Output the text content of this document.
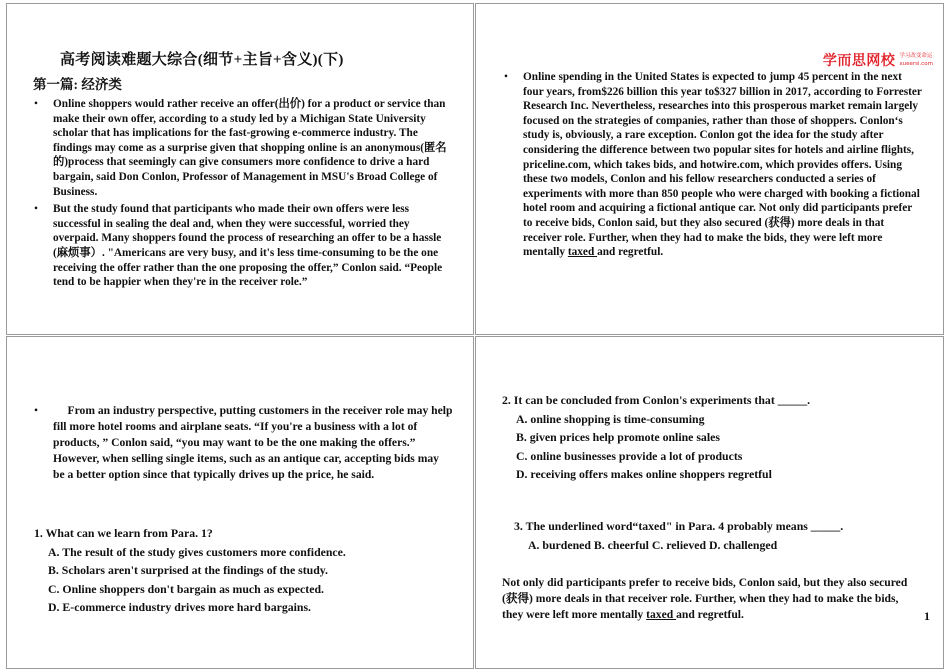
高考阅读难题大综合(细节+主旨+含义)(下)
第一篇: 经济类
• Online shoppers would rather receive an offer(出价) for a product or service than make their own offer, according to a study led by a Michigan State University scholar that has implications for the fast-growing e-commerce industry. The findings may come as a surprise given that shopping online is an anonymous(匿名的)process that seemingly can give consumers more confidence to drive a hard bargain, said Don Conlon, Professor of Management in MSU's Broad College of Business.
• But the study found that participants who made their own offers were less successful in sealing the deal and, when they were successful, worried they overpaid. Many shoppers found the process of researching an offer to be a hassle (麻烦事）. "Americans are very busy, and it's less time-consuming to be the one receiving the offer rather than the one proposing the offer,” Conlon said. “People tend to be happier when they're in the receiver role.”
学而思网校 学习改变命运
xueersi.com
• Online spending in the United States is expected to jump 45 percent in the next four years, from$226 billion this year to$327 billion in 2017, according to Forrester Research Inc. Nevertheless, researches into this prosperous market remain largely focused on the strategies of companies, rather than those of shoppers. Conlon‘s study is, obviously, a rare exception. Conlon got the idea for the study after considering the difference between two popular sites for hotels and airline flights, priceline.com, which takes bids, and hotwire.com, which provides offers. Using these two models, Conlon and his fellow researchers conducted a series of experiments with more than 850 people who were charged with booking a fictional hotel room and acquiring a fictional antique car. Not only did participants prefer to receive bids, Conlon said, but they also secured (获得) more deals in that receiver role. Further, when they had to make the bids, they were left more mentally taxed and regretful.
•      From an industry perspective, putting customers in the receiver role may help fill more hotel rooms and airplane seats. “If you're a business with a lot of products, ” Conlon said, “you may want to be the one making the offers.” However, when selling single items, such as an antique car, accepting bids may be a better option since that typically drives up the price, he said.

1. What can we learn from Para. 1?

A. The result of the study gives customers more confidence.

B. Scholars aren't surprised at the findings of the study.

C. Online shoppers don't bargain as much as expected.

D. E-commerce industry drives more hard bargains.

2. It can be concluded from Conlon's experiments that _____.

A. online shopping is time-consuming

B. given prices help promote online sales

C. online businesses provide a lot of products

D. receiving offers makes online shoppers regretful

3. The underlined word“taxed" in Para. 4 probably means _____.

A. burdened B. cheerful C. relieved D. challenged

Not only did participants prefer to receive bids, Conlon said, but they also secured (获得) more deals in that receiver role. Further, when they had to make the bids, they were left more mentally taxed and regretful.	1
